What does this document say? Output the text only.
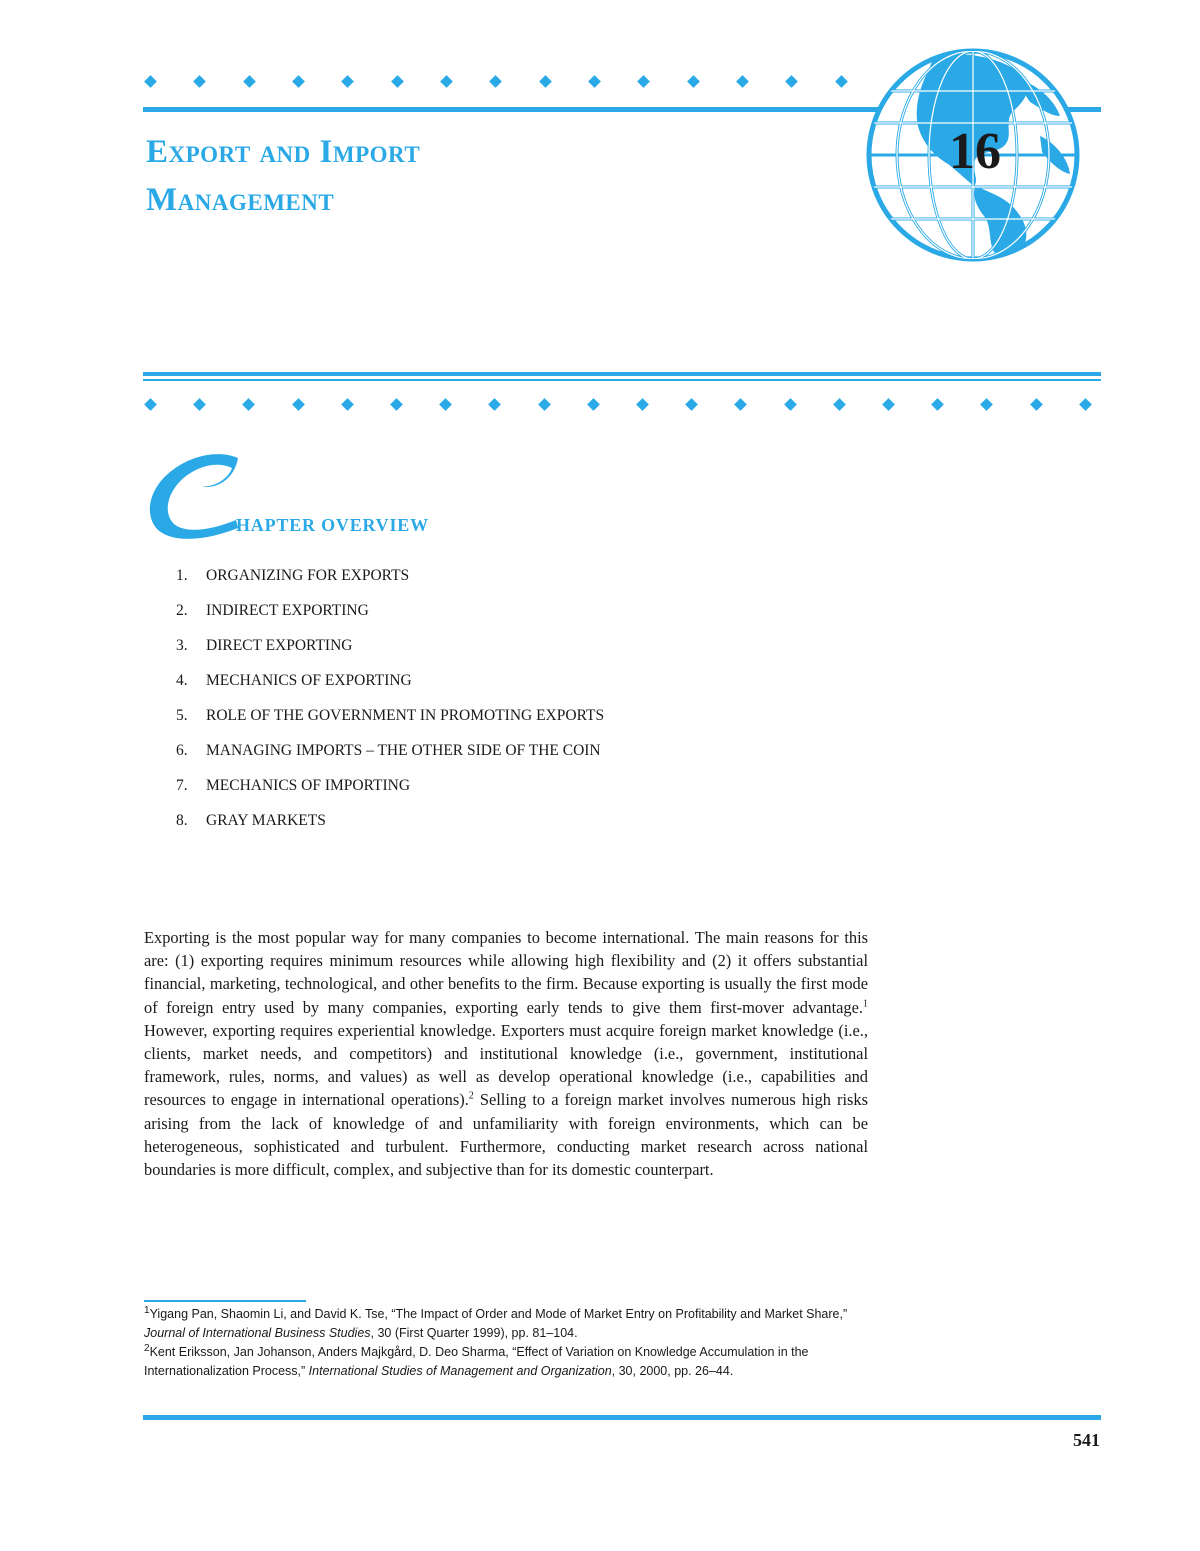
Export and Import
Management
16
HAPTER OVERVIEW
1. ORGANIZING FOR EXPORTS
2. INDIRECT EXPORTING
3. DIRECT EXPORTING
4. MECHANICS OF EXPORTING
5. ROLE OF THE GOVERNMENT IN PROMOTING EXPORTS
6. MANAGING IMPORTS – THE OTHER SIDE OF THE COIN
7. MECHANICS OF IMPORTING
8. GRAY MARKETS

Exporting is the most popular way for many companies to become international. The main reasons for this are: (1) exporting requires minimum resources while allowing high flexibility and (2) it offers substantial financial, marketing, technological, and other benefits to the firm. Because exporting is usually the first mode of foreign entry used by many companies, exporting early tends to give them first-mover advantage.$^1$ However, exporting requires experiential knowledge. Exporters must acquire foreign market knowledge (i.e., clients, market needs, and competitors) and institutional knowledge (i.e., government, institutional framework, rules, norms, and values) as well as develop operational knowledge (i.e., capabilities and resources to engage in international operations).$^2$ Selling to a foreign market involves numerous high risks arising from the lack of knowledge of and unfamiliarity with foreign environments, which can be heterogeneous, sophisticated and turbulent. Furthermore, conducting market research across national boundaries is more difficult, complex, and subjective than for its domestic counterpart.

$^1$Yigang Pan, Shaomin Li, and David K. Tse, “The Impact of Order and Mode of Market Entry on Profitability and Market Share,” Journal of International Business Studies, 30 (First Quarter 1999), pp. 81–104.

$^2$Kent Eriksson, Jan Johanson, Anders Majkgård, D. Deo Sharma, “Effect of Variation on Knowledge Accumulation in the Internationalization Process,” International Studies of Management and Organization, 30, 2000, pp. 26–44.

541
